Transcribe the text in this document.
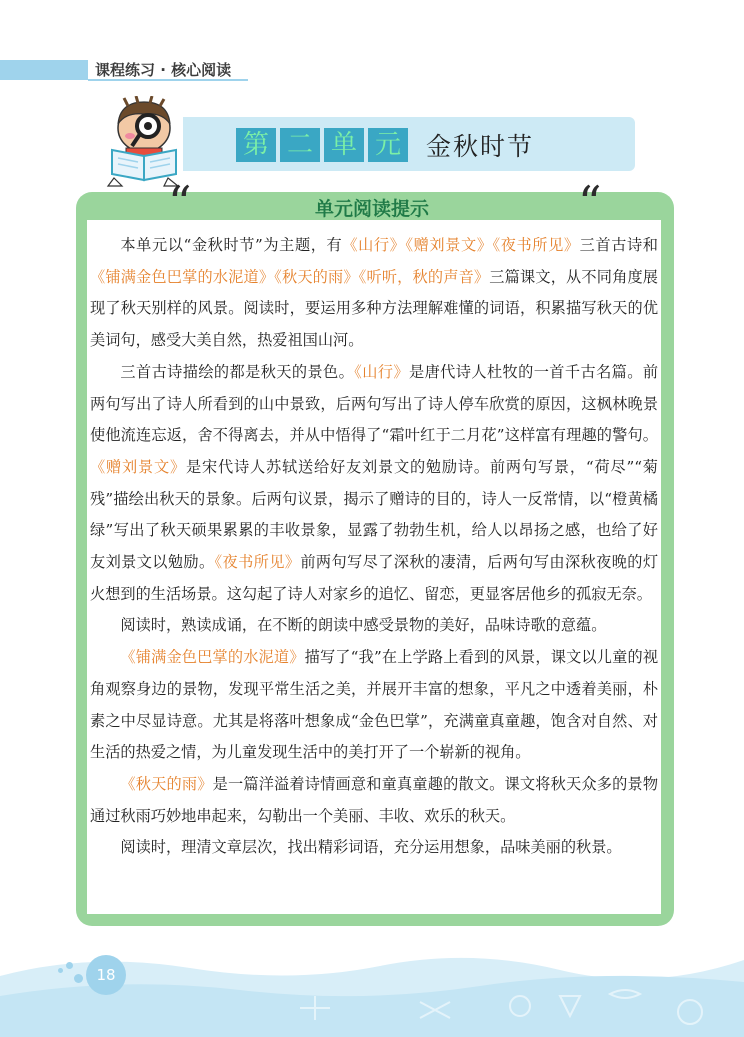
课程练习 · 核心阅读
第 二 单 元 金秋时节
“	“
单元阅读提示

本单元以“金秋时节”为主题，有《山行》《赠刘景文》《夜书所见》三首古诗和《铺满金色巴掌的水泥道》《秋天的雨》《听听，秋的声音》三篇课文，从不同角度展现了秋天别样的风景。阅读时，要运用多种方法理解难懂的词语，积累描写秋天的优美词句，感受大美自然，热爱祖国山河。

三首古诗描绘的都是秋天的景色。《山行》是唐代诗人杜牧的一首千古名篇。前两句写出了诗人所看到的山中景致，后两句写出了诗人停车欣赏的原因，这枫林晚景使他流连忘返，舍不得离去，并从中悟得了“霜叶红于二月花”这样富有理趣的警句。《赠刘景文》是宋代诗人苏轼送给好友刘景文的勉励诗。前两句写景，“荷尽”“菊残”描绘出秋天的景象。后两句议景，揭示了赠诗的目的，诗人一反常情，以“橙黄橘绿”写出了秋天硕果累累的丰收景象，显露了勃勃生机，给人以昂扬之感，也给了好友刘景文以勉励。《夜书所见》前两句写尽了深秋的凄清，后两句写由深秋夜晚的灯火想到的生活场景。这勾起了诗人对家乡的追忆、留恋，更显客居他乡的孤寂无奈。

阅读时，熟读成诵，在不断的朗读中感受景物的美好，品味诗歌的意蕴。

《铺满金色巴掌的水泥道》描写了“我”在上学路上看到的风景，课文以儿童的视角观察身边的景物，发现平常生活之美，并展开丰富的想象，平凡之中透着美丽，朴素之中尽显诗意。尤其是将落叶想象成“金色巴掌”，充满童真童趣，饱含对自然、对生活的热爱之情，为儿童发现生活中的美打开了一个崭新的视角。

《秋天的雨》是一篇洋溢着诗情画意和童真童趣的散文。课文将秋天众多的景物通过秋雨巧妙地串起来，勾勒出一个美丽、丰收、欢乐的秋天。

阅读时，理清文章层次，找出精彩词语，充分运用想象，品味美丽的秋景。

18
